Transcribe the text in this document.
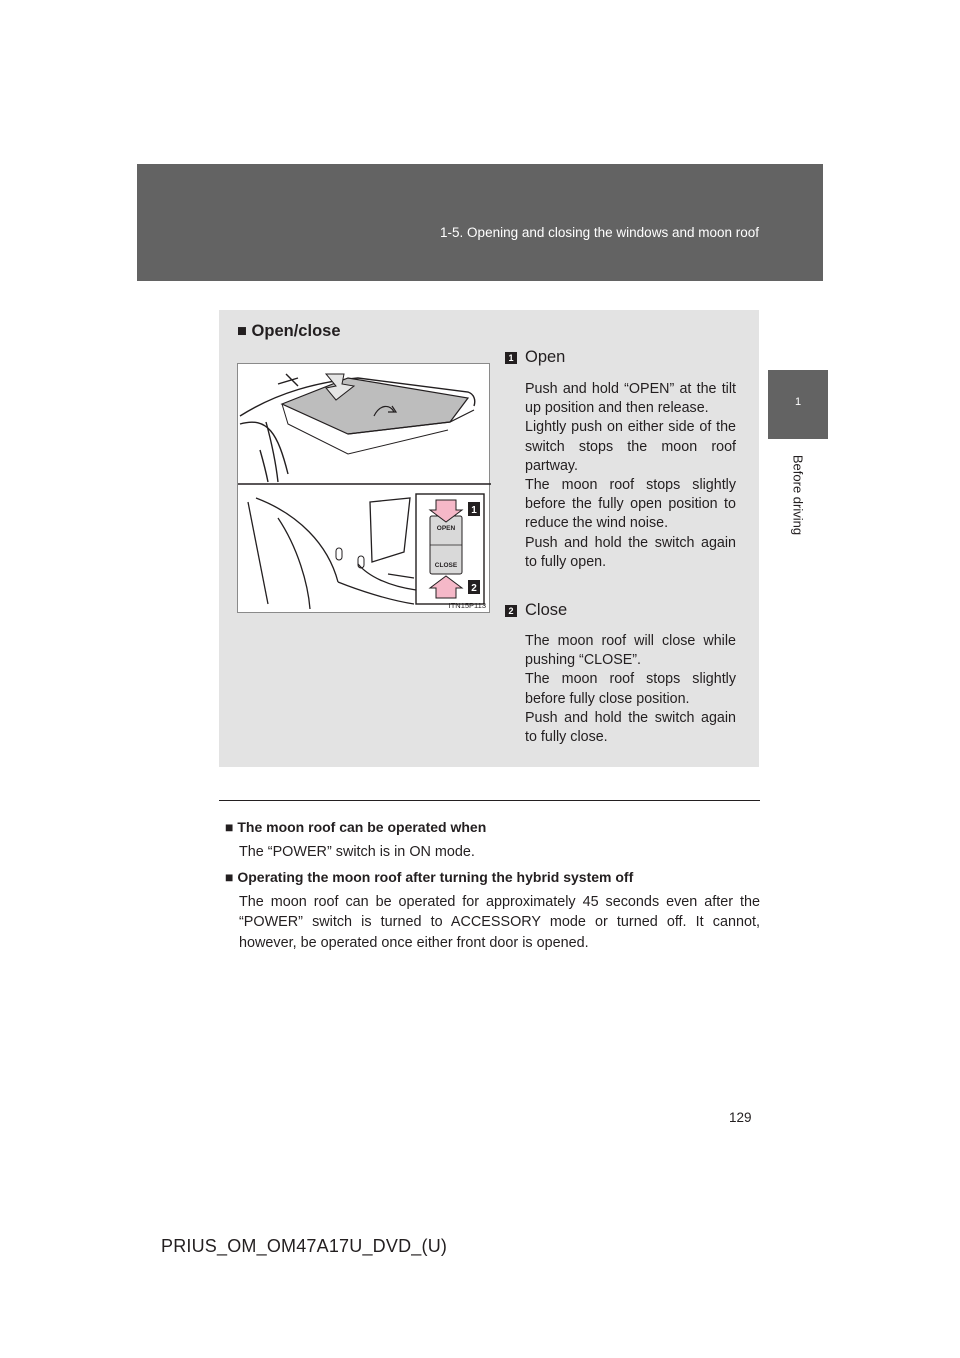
1-5. Opening and closing the windows and moon roof
1
Before driving
■ Open/close
OPEN
CLOSE
1
2
ITN15P113
1 Open

Push and hold “OPEN” at the tilt up position and then release.

Lightly push on either side of the switch stops the moon roof partway.

The moon roof stops slightly before the fully open position to reduce the wind noise.

Push and hold the switch again to fully open.

2 Close

The moon roof will close while pushing “CLOSE”.

The moon roof stops slightly before fully close position.

Push and hold the switch again to fully close.

■ The moon roof can be operated when
The “POWER” switch is in ON mode.
■ Operating the moon roof after turning the hybrid system off
The moon roof can be operated for approximately 45 seconds even after the “POWER” switch is turned to ACCESSORY mode or turned off. It cannot, however, be operated once either front door is opened.
129
PRIUS_OM_OM47A17U_DVD_(U)
